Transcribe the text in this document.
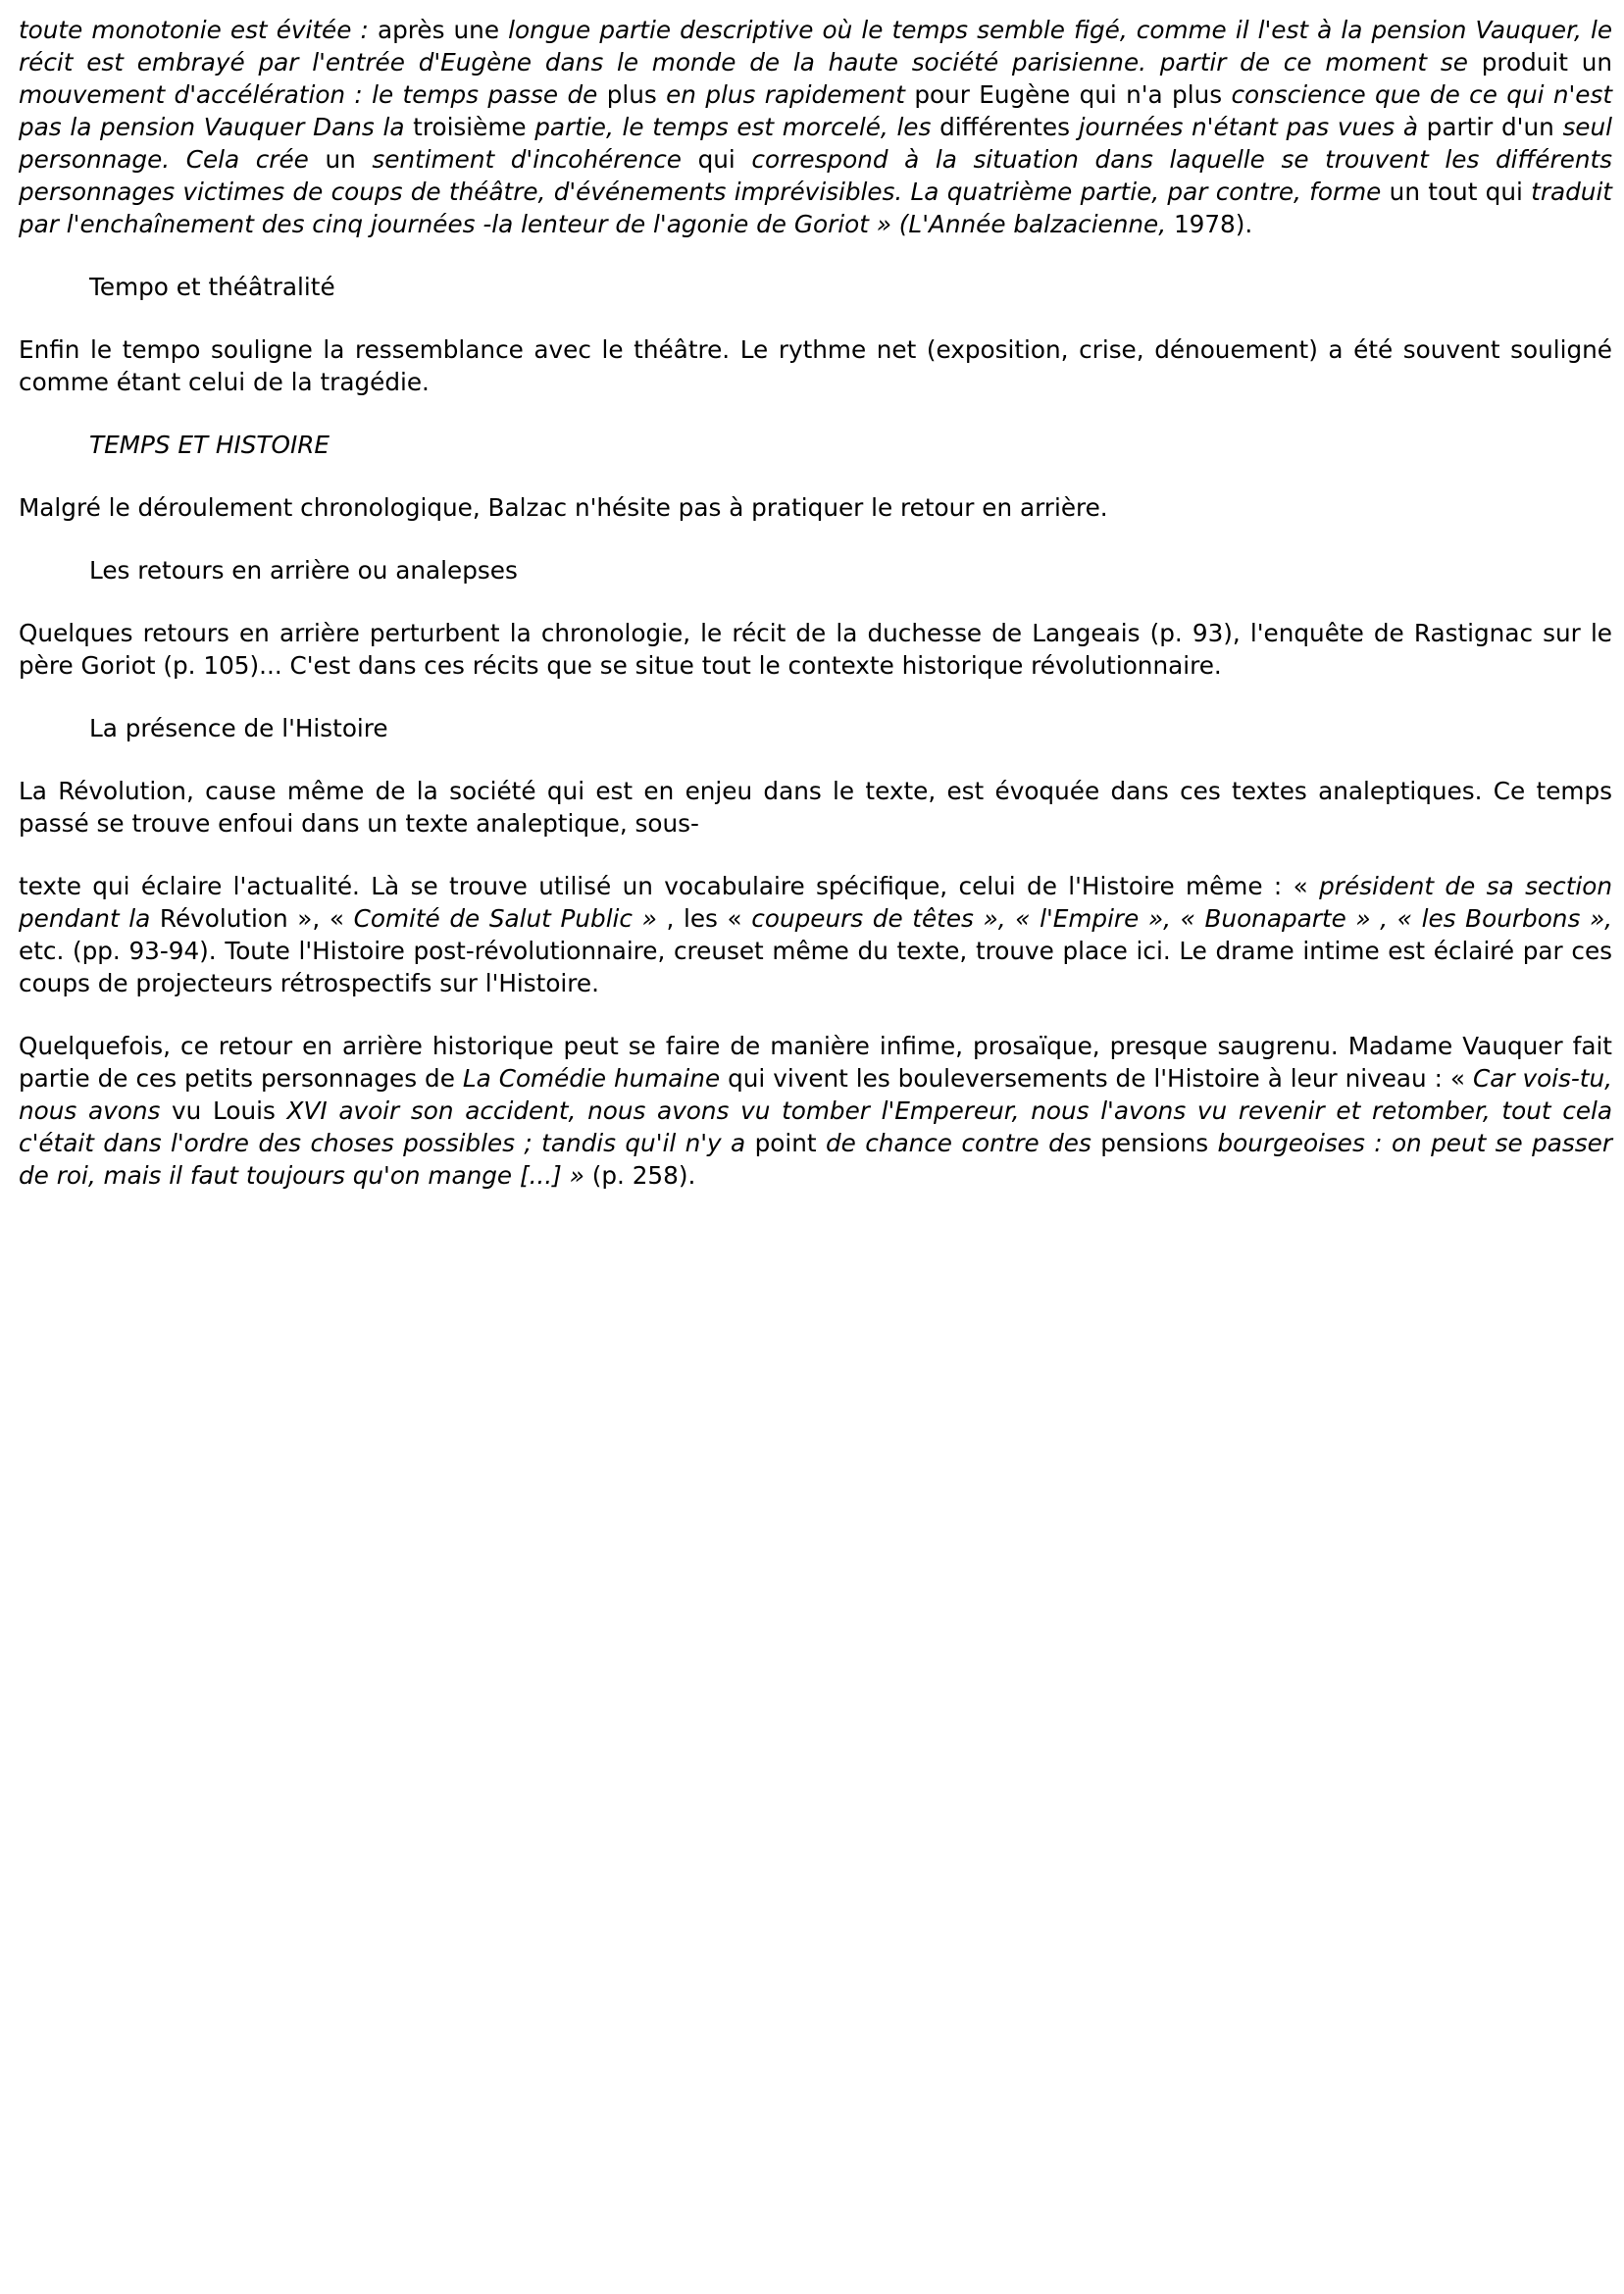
toute monotonie est évitée : après une longue partie descriptive où le temps semble figé, comme il l'est à la pension Vauquer, le récit est embrayé par l'entrée d'Eugène dans le monde de la haute société parisienne. partir de ce moment se produit un mouvement d'accélération : le temps passe de plus en plus rapidement pour Eugène qui n'a plus conscience que de ce qui n'est pas la pension Vauquer Dans la troisième partie, le temps est morcelé, les différentes journées n'étant pas vues à partir d'un seul personnage. Cela crée un sentiment d'incohérence qui correspond à la situation dans laquelle se trouvent les différents personnages victimes de coups de théâtre, d'événements imprévisibles. La quatrième partie, par contre, forme un tout qui traduit par l'enchaînement des cinq journées -la lenteur de l'agonie de Goriot » (L'Année balzacienne, 1978).

Tempo et théâtralité

Enfin le tempo souligne la ressemblance avec le théâtre. Le rythme net (exposition, crise, dénouement) a été souvent souligné comme étant celui de la tragédie.

TEMPS ET HISTOIRE

Malgré le déroulement chronologique, Balzac n'hésite pas à pratiquer le retour en arrière.

Les retours en arrière ou analepses

Quelques retours en arrière perturbent la chronologie, le récit de la duchesse de Langeais (p. 93), l'enquête de Rastignac sur le père Goriot (p. 105)... C'est dans ces récits que se situe tout le contexte historique révolutionnaire.

La présence de l'Histoire

La Révolution, cause même de la société qui est en enjeu dans le texte, est évoquée dans ces textes analeptiques. Ce temps passé se trouve enfoui dans un texte analeptique, sous-

texte qui éclaire l'actualité. Là se trouve utilisé un vocabulaire spécifique, celui de l'Histoire même : « président de sa section pendant la Révolution », « Comité de Salut Public » , les « coupeurs de têtes », « l'Empire », « Buonaparte » , « les Bourbons », etc. (pp. 93-94). Toute l'Histoire post-révolutionnaire, creuset même du texte, trouve place ici. Le drame intime est éclairé par ces coups de projecteurs rétrospectifs sur l'Histoire.

Quelquefois, ce retour en arrière historique peut se faire de manière infime, prosaïque, presque saugrenu. Madame Vauquer fait partie de ces petits personnages de La Comédie humaine qui vivent les bouleversements de l'Histoire à leur niveau : « Car vois-tu, nous avons vu Louis XVI avoir son accident, nous avons vu tomber l'Empereur, nous l'avons vu revenir et retomber, tout cela c'était dans l'ordre des choses possibles ; tandis qu'il n'y a point de chance contre des pensions bourgeoises : on peut se passer de roi, mais il faut toujours qu'on mange [...] » (p. 258).
